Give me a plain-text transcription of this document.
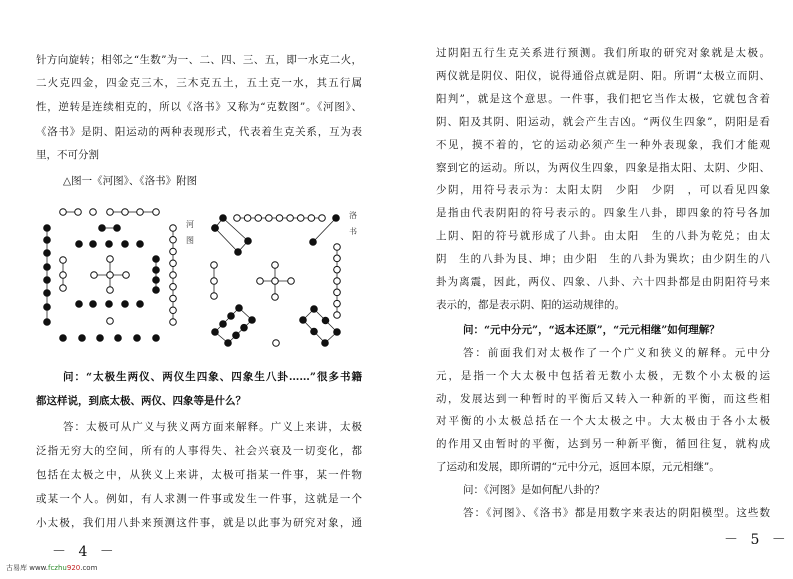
针方向旋转；相邻之“生数”为一、二、四、三、五，即一水克二火，
二火克四金，四金克三木，三木克五土，五土克一水，其五行属
性，逆转是连续相克的，所以《洛书》又称为“克数图”。《河图》、
《洛书》是阴、阳运动的两种表现形式，代表着生克关系，互为表
里，不可分割
△图一《河图》、《洛书》附图
河图
洛书
问：“太极生两仪、两仪生四象、四象生八卦……”很多书籍
都这样说，到底太极、两仪、四象等是什么？
答：太极可从广义与狭义两方面来解释。广义上来讲，太极
泛指无穷大的空间，所有的人事得失、社会兴衰及一切变化，都
包括在太极之中，从狭义上来讲，太极可指某一件事，某一件物
或某一个人。例如，有人求测一件事或发生一件事，这就是一个
小太极，我们用八卦来预测这件事，就是以此事为研究对象，通
－ 4 －
古易库 www.fczhu920.com
过阴阳五行生克关系进行预测。我们所取的研究对象就是太极。
两仪就是阴仪、阳仪，说得通俗点就是阴、阳。所谓“太极立而阴、
阳判”，就是这个意思。一件事，我们把它当作太极，它就包含着
阴、阳及其阴、阳运动，就会产生吉凶。“两仪生四象”，阴阳是看
不见，摸不着的，它的运动必须产生一种外表现象，我们才能观
察到它的运动。所以，为两仪生四象，四象是指太阳、太阴、少阳、
少阴，用符号表示为：太阳太阴　少阳　少阴　，可以看见四象
是指由代表阴阳的符号表示的。四象生八卦，即四象的符号各加
上阴、阳的符号就形成了八卦。由太阳　生的八卦为乾兑；由太
阴　生的八卦为艮、坤；由少阳　生的八卦为巽坎；由少阴生的八
卦为离震，因此，两仪、四象、八卦、六十四卦都是由阴阳符号来
表示的，都是表示阴、阳的运动规律的。
问：“元中分元”，“返本还原”，“元元相继”如何理解？
答：前面我们对太极作了一个广义和狭义的解释。元中分
元，是指一个大太极中包括着无数小太极，无数个小太极的运
动，发展达到一种暂时的平衡后又转入一种新的平衡，而这些相
对平衡的小太极总括在一个大太极之中。大太极由于各小太极
的作用又由暂时的平衡，达到另一种新平衡，循回往复，就构成
了运动和发展，即所谓的“元中分元，返回本原，元元相继”。
问：《河图》是如何配八卦的？
答：《河图》、《洛书》都是用数字来表达的阴阳模型。这些数
－ 5 －
